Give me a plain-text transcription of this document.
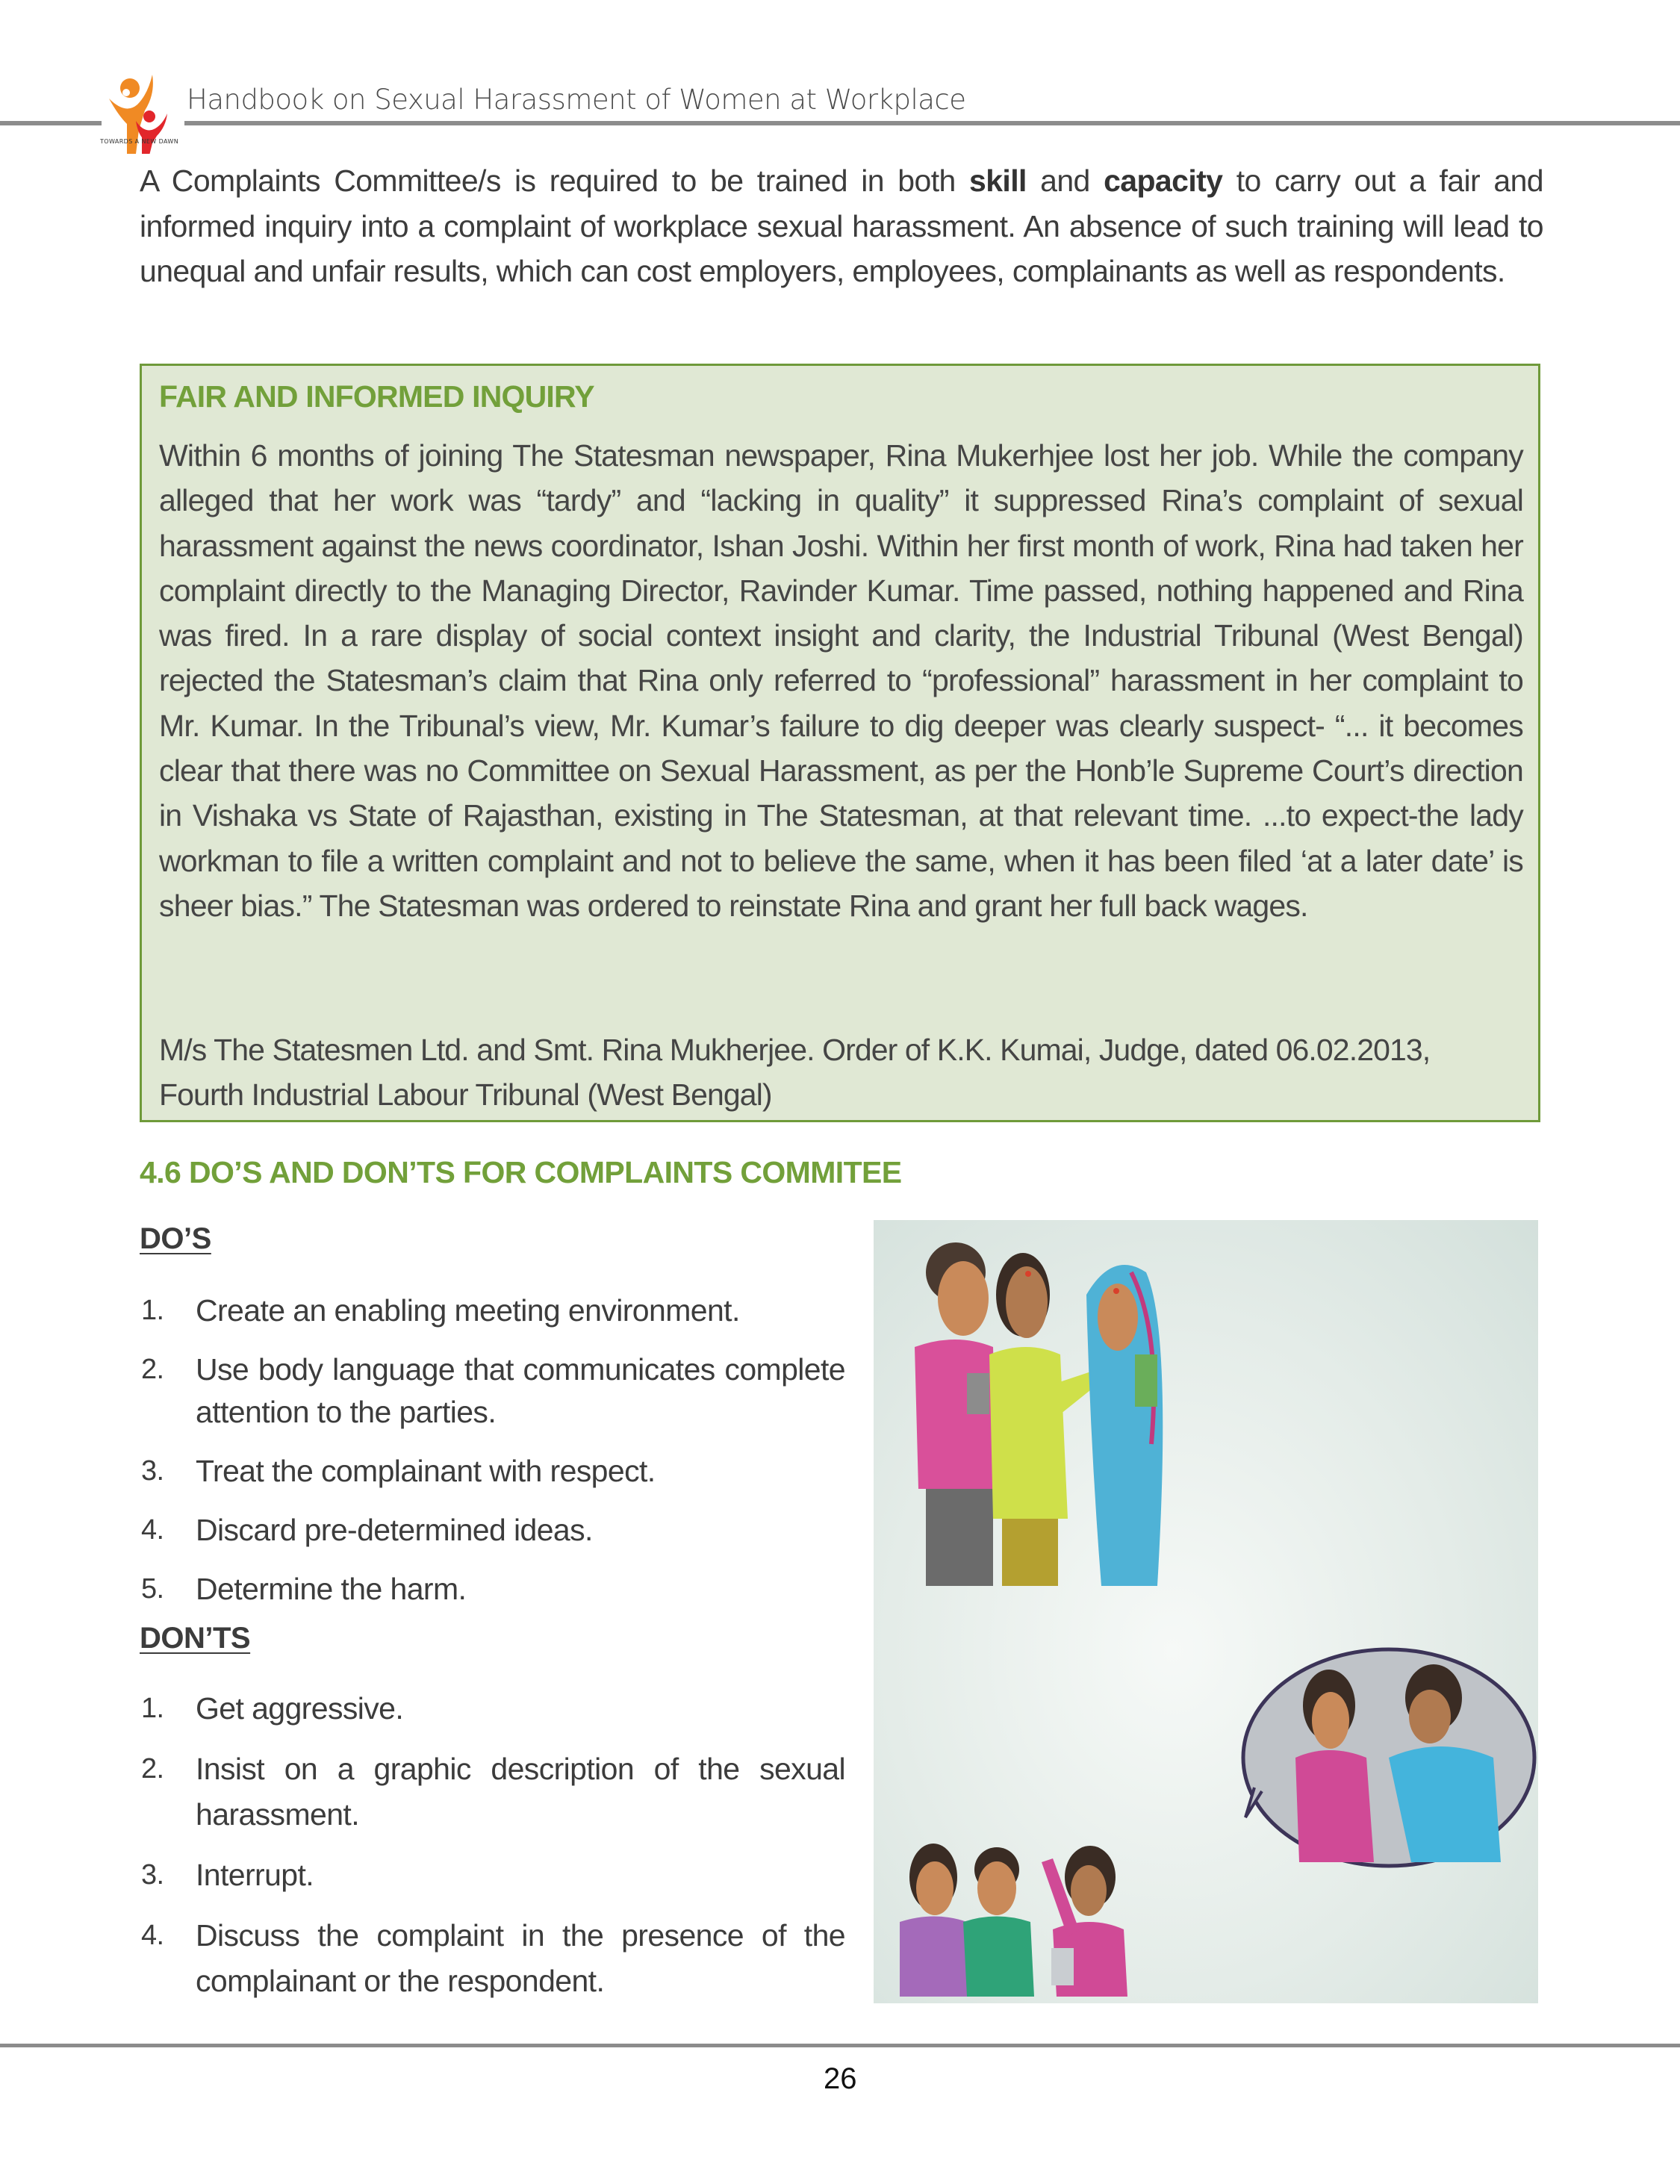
TOWARDS A NEW DAWN
Handbook on Sexual Harassment of Women at Workplace

A Complaints Committee/s is required to be trained in both skill and capacity to carry out a fair and informed inquiry into a complaint of workplace sexual harassment. An absence of such training will lead to unequal and unfair results, which can cost employers, employees, complainants as well as respondents.

FAIR AND INFORMED INQUIRY
Within 6 months of joining The Statesman newspaper, Rina Mukerhjee lost her job. While the company alleged that her work was “tardy” and “lacking in quality” it suppressed Rina’s complaint of sexual harassment against the news coordinator, Ishan Joshi. Within her first month of work, Rina had taken her complaint directly to the Managing Director, Ravinder Kumar. Time passed, nothing happened and Rina was fired. In a rare display of social context insight and clarity, the Industrial Tribunal (West Bengal) rejected the Statesman’s claim that Rina only referred to “professional” harassment in her complaint to Mr. Kumar. In the Tribunal’s view, Mr. Kumar’s failure to dig deeper was clearly suspect- “... it becomes clear that there was no Committee on Sexual Harassment, as per the Honb’le Supreme Court’s direction in Vishaka vs State of Rajasthan, existing in The Statesman, at that relevant time. ...to expect-the lady workman to file a written complaint and not to believe the same, when it has been filed ‘at a later date’ is sheer bias.” The Statesman was ordered to reinstate Rina and grant her full back wages.
M/s The Statesmen Ltd. and Smt. Rina Mukherjee. Order of K.K. Kumai, Judge, dated 06.02.2013,
Fourth Industrial Labour Tribunal (West Bengal)
4.6 DO’S AND DON’TS FOR COMPLAINTS COMMITEE
DO’S
1. Create an enabling meeting environment.
2. Use body language that communicates complete attention to the parties.
3. Treat the complainant with respect.
4. Discard pre-determined ideas.
5. Determine the harm.
DON’TS
1. Get aggressive.
2. Insist on a graphic description of the sexual harassment.
3. Interrupt.
4. Discuss the complaint in the presence of the complainant or the respondent.
26
